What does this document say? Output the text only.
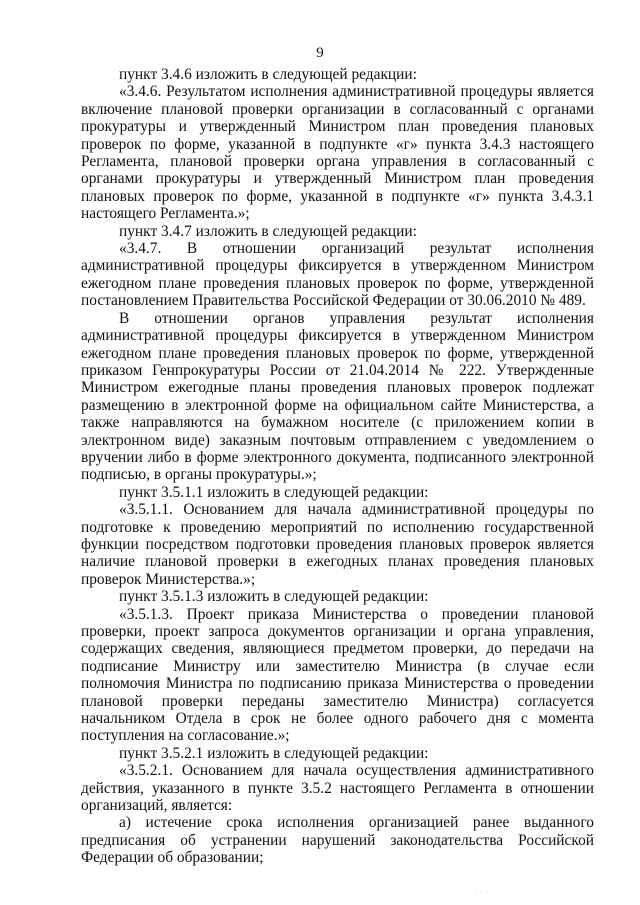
9

пункт 3.4.6 изложить в следующей редакции:

«3.4.6. Результатом исполнения административной процедуры является включение плановой проверки организации в согласованный с органами прокуратуры и утвержденный Министром план проведения плановых проверок по форме, указанной в подпункте «г» пункта 3.4.3 настоящего Регламента, плановой проверки органа управления в согласованный с органами прокуратуры и утвержденный Министром план проведения плановых проверок по форме, указанной в подпункте «г» пункта 3.4.3.1 настоящего Регламента.»;

пункт 3.4.7 изложить в следующей редакции:

«3.4.7. В отношении организаций результат исполнения административной процедуры фиксируется в утвержденном Министром ежегодном плане проведения плановых проверок по форме, утвержденной постановлением Правительства Российской Федерации от 30.06.2010 № 489.

В отношении органов управления результат исполнения административной процедуры фиксируется в утвержденном Министром ежегодном плане проведения плановых проверок по форме, утвержденной приказом Генпрокуратуры России от 21.04.2014 № 222. Утвержденные Министром ежегодные планы проведения плановых проверок подлежат размещению в электронной форме на официальном сайте Министерства, а также направляются на бумажном носителе (с приложением копии в электронном виде) заказным почтовым отправлением с уведомлением о вручении либо в форме электронного документа, подписанного электронной подписью, в органы прокуратуры.»;

пункт 3.5.1.1 изложить в следующей редакции:

«3.5.1.1. Основанием для начала административной процедуры по подготовке к проведению мероприятий по исполнению государственной функции посредством подготовки проведения плановых проверок является наличие плановой проверки в ежегодных планах проведения плановых проверок Министерства.»;

пункт 3.5.1.3 изложить в следующей редакции:

«3.5.1.3. Проект приказа Министерства о проведении плановой проверки, проект запроса документов организации и органа управления, содержащих сведения, являющиеся предметом проверки, до передачи на подписание Министру или заместителю Министра (в случае если полномочия Министра по подписанию приказа Министерства о проведении плановой проверки переданы заместителю Министра) согласуется начальником Отдела в срок не более одного рабочего дня с момента поступления на согласование.»;

пункт 3.5.2.1 изложить в следующей редакции:

«3.5.2.1. Основанием для начала осуществления административного действия, указанного в пункте 3.5.2 настоящего Регламента в отношении организаций, является:

а) истечение срока исполнения организацией ранее выданного предписания об устранении нарушений законодательства Российской Федерации об образовании;

· · · ·
